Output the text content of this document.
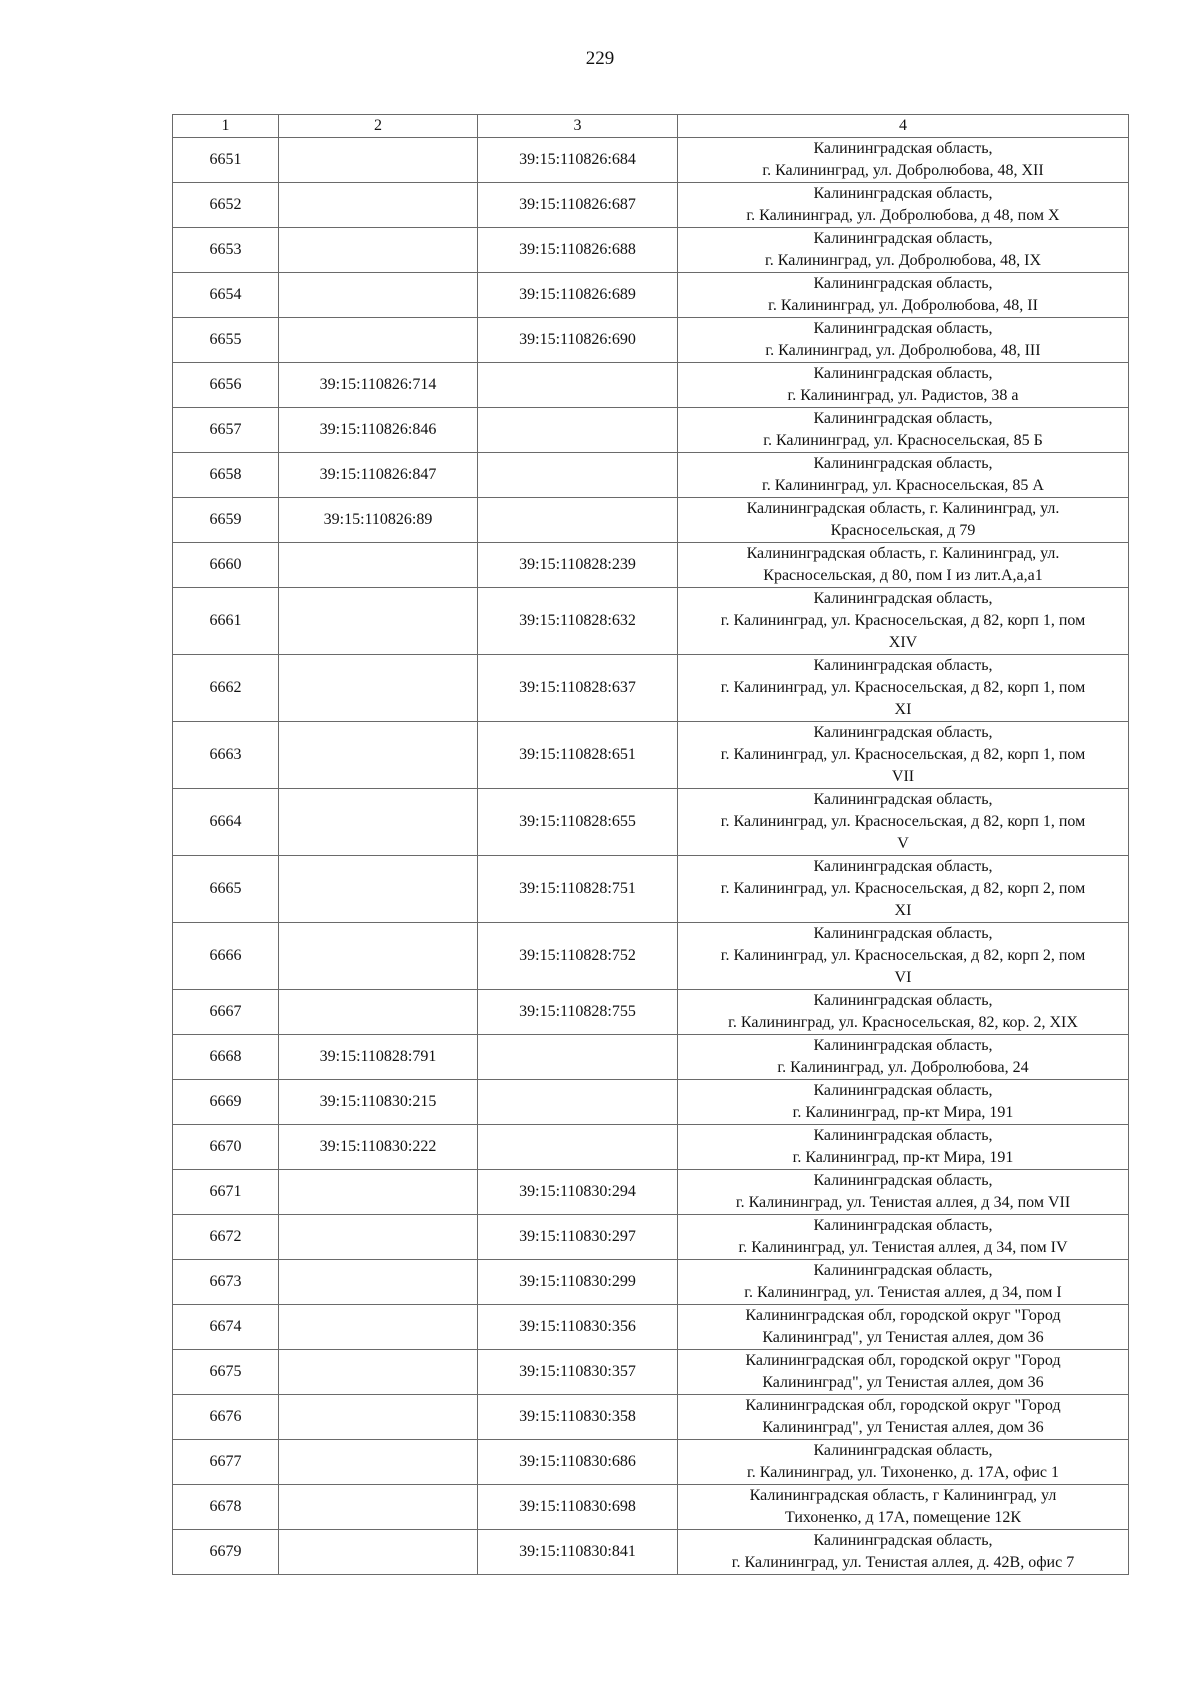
229
1	2	3	4
6651		39:15:110826:684	Калининградская область,
г. Калининград, ул. Добролюбова, 48, XII

6652		39:15:110826:687	Калининградская область,
г. Калининград, ул. Добролюбова, д 48, пом X

6653		39:15:110826:688	Калининградская область,
г. Калининград, ул. Добролюбова, 48, IX

6654		39:15:110826:689	Калининградская область,
г. Калининград, ул. Добролюбова, 48, II

6655		39:15:110826:690	Калининградская область,
г. Калининград, ул. Добролюбова, 48, III

6656	39:15:110826:714		Калининградская область,
г. Калининград, ул. Радистов, 38 а

6657	39:15:110826:846		Калининградская область,
г. Калининград, ул. Красносельская, 85 Б

6658	39:15:110826:847		Калининградская область,
г. Калининград, ул. Красносельская, 85 А

6659	39:15:110826:89		Калининградская область, г. Калининград, ул.
Красносельская, д 79

6660		39:15:110828:239	Калининградская область, г. Калининград, ул.
Красносельская, д 80, пом I из лит.А,а,а1

6661		39:15:110828:632	Калининградская область,
г. Калининград, ул. Красносельская, д 82, корп 1, пом
XIV

6662		39:15:110828:637	Калининградская область,
г. Калининград, ул. Красносельская, д 82, корп 1, пом
XI

6663		39:15:110828:651	Калининградская область,
г. Калининград, ул. Красносельская, д 82, корп 1, пом
VII

6664		39:15:110828:655	Калининградская область,
г. Калининград, ул. Красносельская, д 82, корп 1, пом
V

6665		39:15:110828:751	Калининградская область,
г. Калининград, ул. Красносельская, д 82, корп 2, пом
XI

6666		39:15:110828:752	Калининградская область,
г. Калининград, ул. Красносельская, д 82, корп 2, пом
VI

6667		39:15:110828:755	Калининградская область,
г. Калининград, ул. Красносельская, 82, кор. 2, XIX

6668	39:15:110828:791		Калининградская область,
г. Калининград, ул. Добролюбова, 24

6669	39:15:110830:215		Калининградская область,
г. Калининград, пр-кт Мира, 191

6670	39:15:110830:222		Калининградская область,
г. Калининград, пр-кт Мира, 191

6671		39:15:110830:294	Калининградская область,
г. Калининград, ул. Тенистая аллея, д 34, пом VII

6672		39:15:110830:297	Калининградская область,
г. Калининград, ул. Тенистая аллея, д 34, пом IV

6673		39:15:110830:299	Калининградская область,
г. Калининград, ул. Тенистая аллея, д 34, пом I

6674		39:15:110830:356	Калининградская обл, городской округ "Город
Калининград", ул Тенистая аллея, дом 36

6675		39:15:110830:357	Калининградская обл, городской округ "Город
Калининград", ул Тенистая аллея, дом 36

6676		39:15:110830:358	Калининградская обл, городской округ "Город
Калининград", ул Тенистая аллея, дом 36

6677		39:15:110830:686	Калининградская область,
г. Калининград, ул. Тихоненко, д. 17А, офис 1

6678		39:15:110830:698	Калининградская область, г Калининград, ул
Тихоненко, д 17А, помещение 12К

6679		39:15:110830:841	Калининградская область,
г. Калининград, ул. Тенистая аллея, д. 42В, офис 7
